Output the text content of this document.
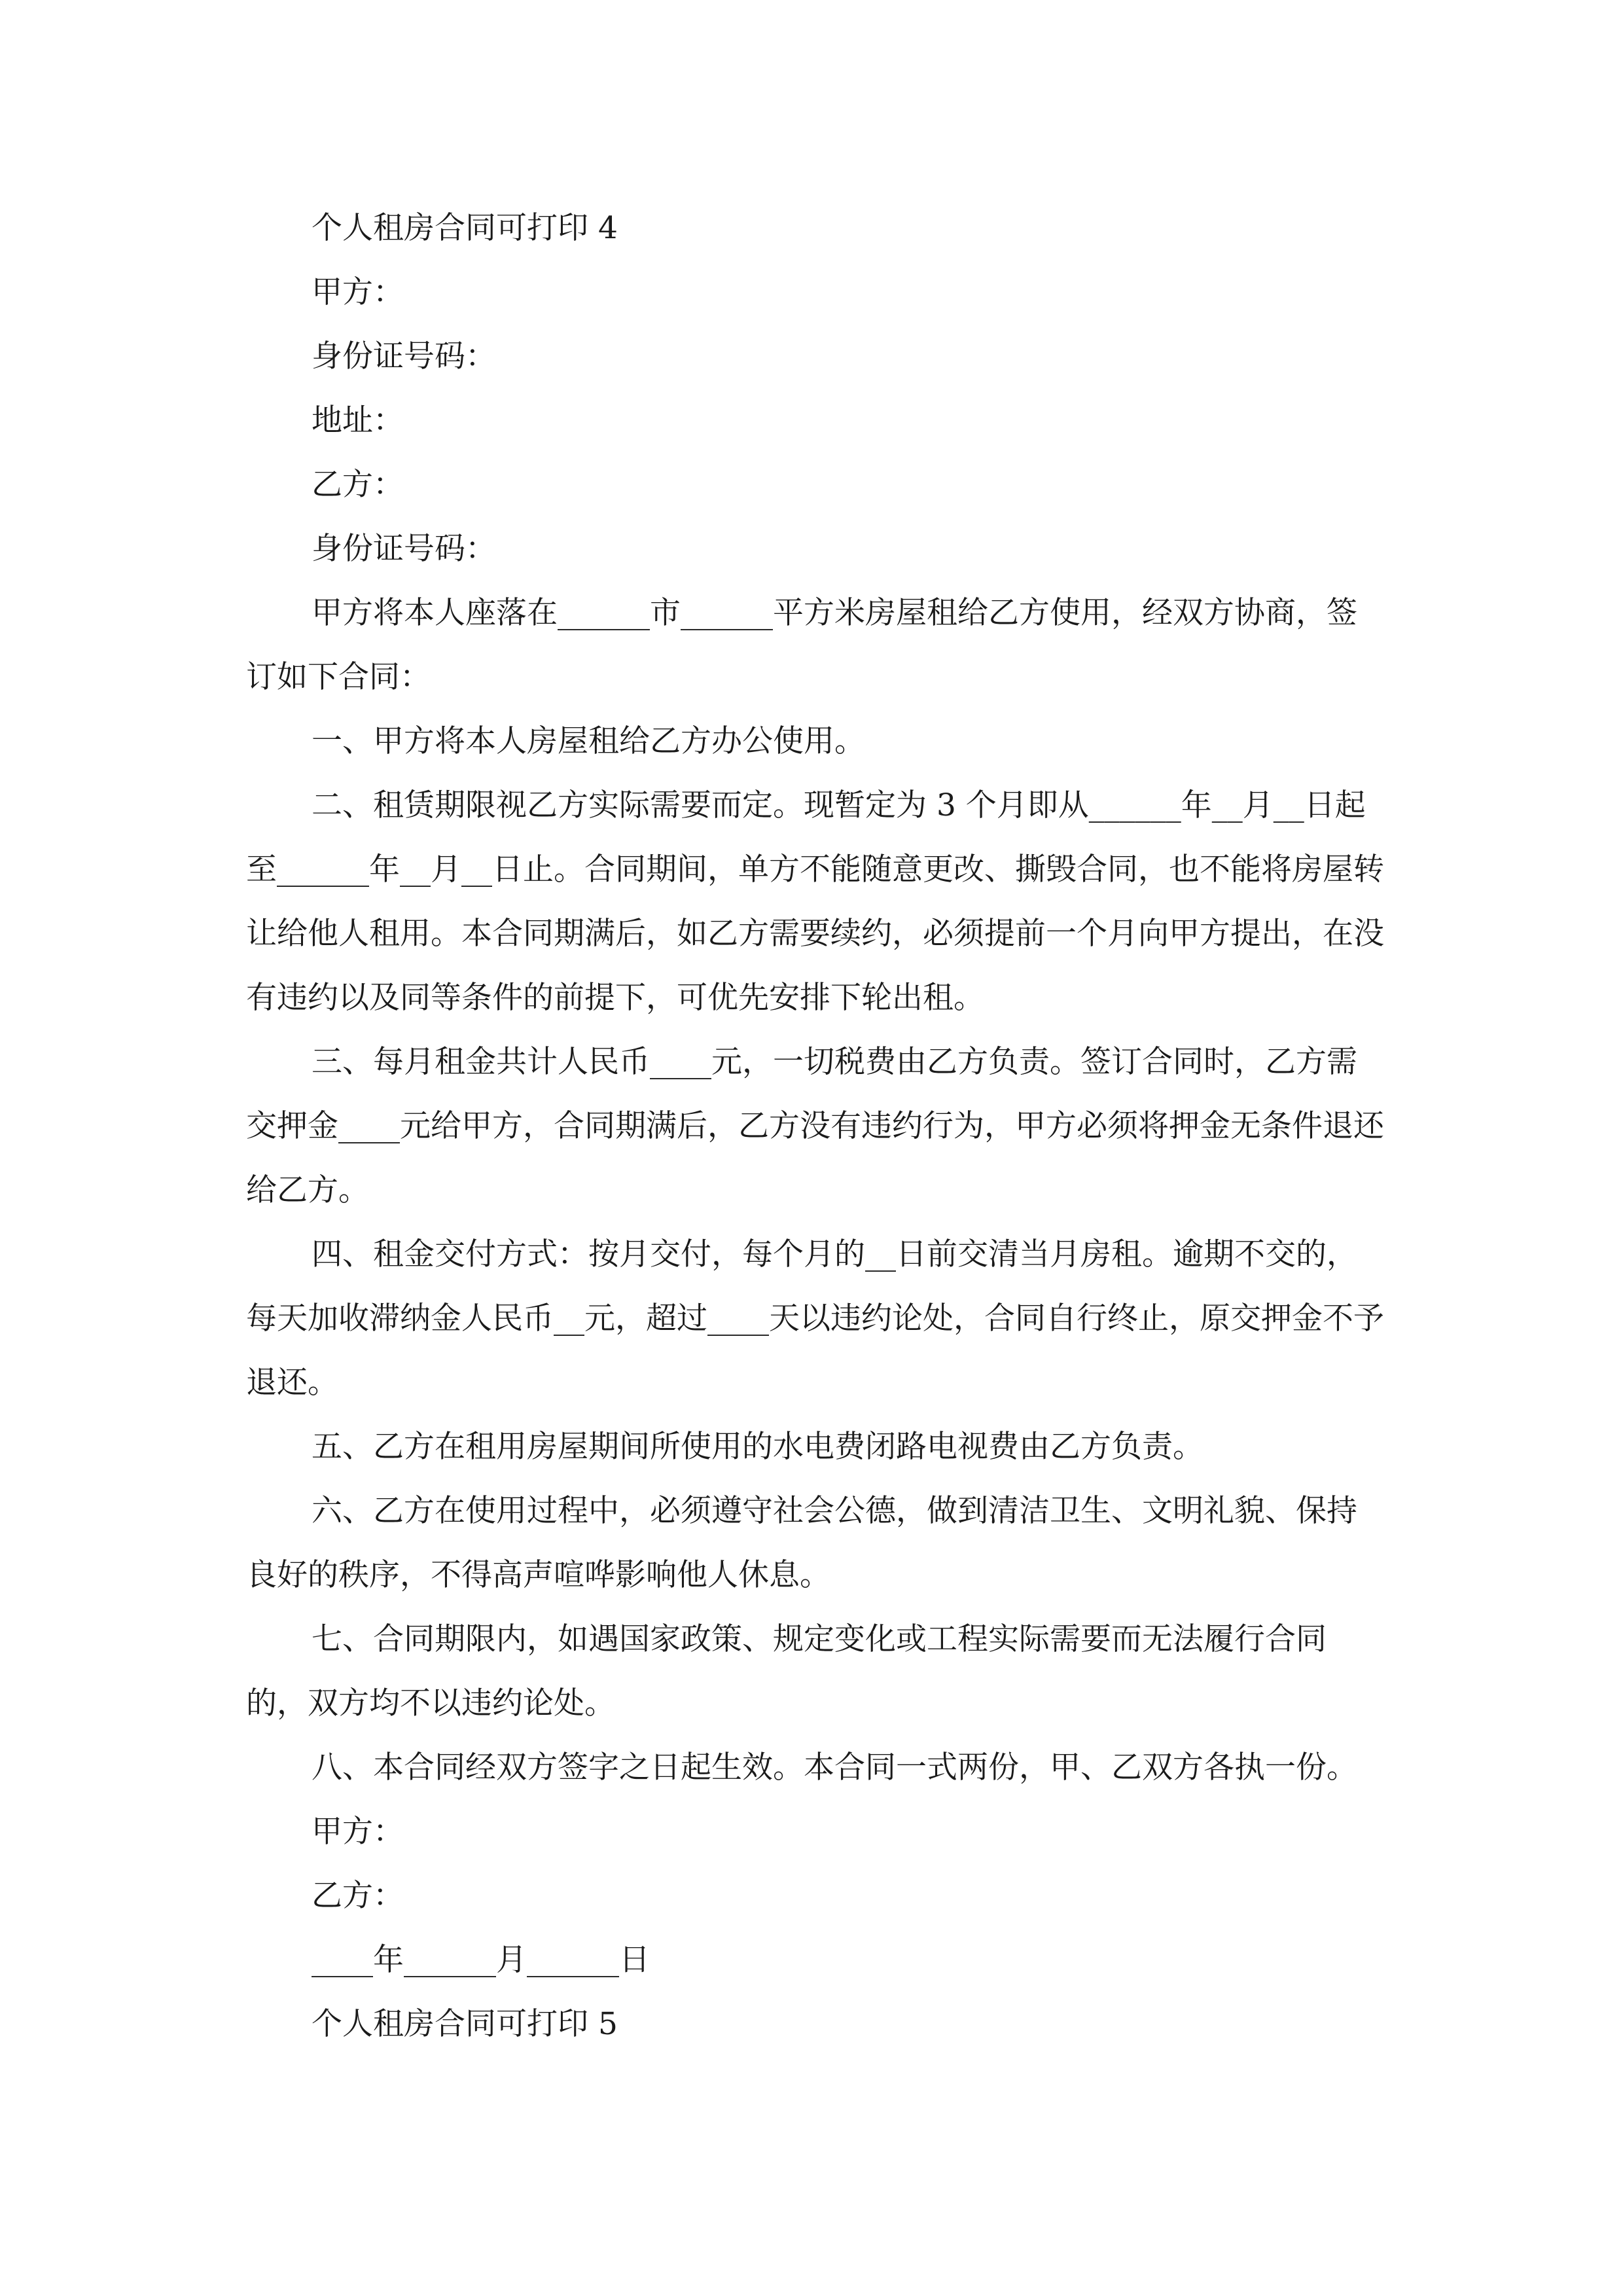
个人租房合同可打印 4

甲方：

身份证号码：

地址：

乙方：

身份证号码：

甲方将本人座落在______市______平方米房屋租给乙方使用，经双方协商，签订如下合同：

一、甲方将本人房屋租给乙方办公使用。

二、租赁期限视乙方实际需要而定。现暂定为 3 个月即从______年__月__日起至______年__月__日止。合同期间，单方不能随意更改、撕毁合同，也不能将房屋转让给他人租用。本合同期满后，如乙方需要续约，必须提前一个月向甲方提出，在没有违约以及同等条件的前提下，可优先安排下轮出租。

三、每月租金共计人民币____元，一切税费由乙方负责。签订合同时，乙方需交押金____元给甲方，合同期满后，乙方没有违约行为，甲方必须将押金无条件退还给乙方。

四、租金交付方式：按月交付，每个月的__日前交清当月房租。逾期不交的，每天加收滞纳金人民币__元，超过____天以违约论处，合同自行终止，原交押金不予退还。

五、乙方在租用房屋期间所使用的水电费闭路电视费由乙方负责。

六、乙方在使用过程中，必须遵守社会公德，做到清洁卫生、文明礼貌、保持良好的秩序，不得高声喧哗影响他人休息。

七、合同期限内，如遇国家政策、规定变化或工程实际需要而无法履行合同的，双方均不以违约论处。

八、本合同经双方签字之日起生效。本合同一式两份，甲、乙双方各执一份。

甲方：

乙方：

____年______月______日

个人租房合同可打印 5
